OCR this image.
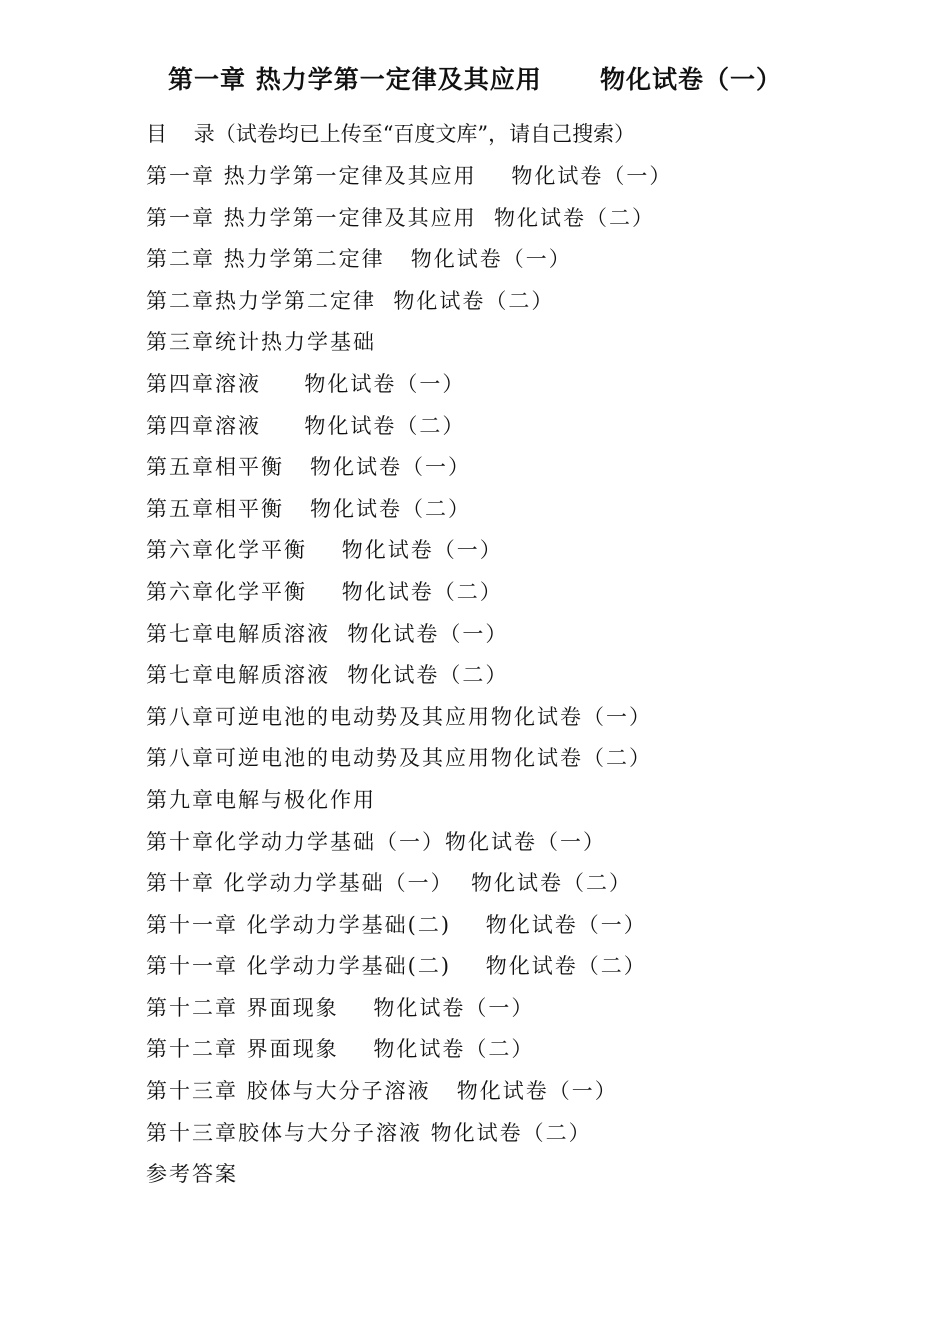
第一章 热力学第一定律及其应用      物化试卷（一）
目    录（试卷均已上传至“百度文库”，请自己搜索）
第一章 热力学第一定律及其应用    物化试卷（一）
第一章 热力学第一定律及其应用  物化试卷（二）
第二章 热力学第二定律   物化试卷（一）
第二章热力学第二定律  物化试卷（二）
第三章统计热力学基础
第四章溶液     物化试卷（一）
第四章溶液     物化试卷（二）
第五章相平衡   物化试卷（一）
第五章相平衡   物化试卷（二）
第六章化学平衡    物化试卷（一）
第六章化学平衡    物化试卷（二）
第七章电解质溶液  物化试卷（一）
第七章电解质溶液  物化试卷（二）
第八章可逆电池的电动势及其应用物化试卷（一）
第八章可逆电池的电动势及其应用物化试卷（二）
第九章电解与极化作用
第十章化学动力学基础（一）物化试卷（一）
第十章 化学动力学基础（一）  物化试卷（二）
第十一章 化学动力学基础(二)    物化试卷（一）
第十一章 化学动力学基础(二)    物化试卷（二）
第十二章 界面现象    物化试卷（一）
第十二章 界面现象    物化试卷（二）
第十三章 胶体与大分子溶液   物化试卷（一）
第十三章胶体与大分子溶液 物化试卷（二）
参考答案
